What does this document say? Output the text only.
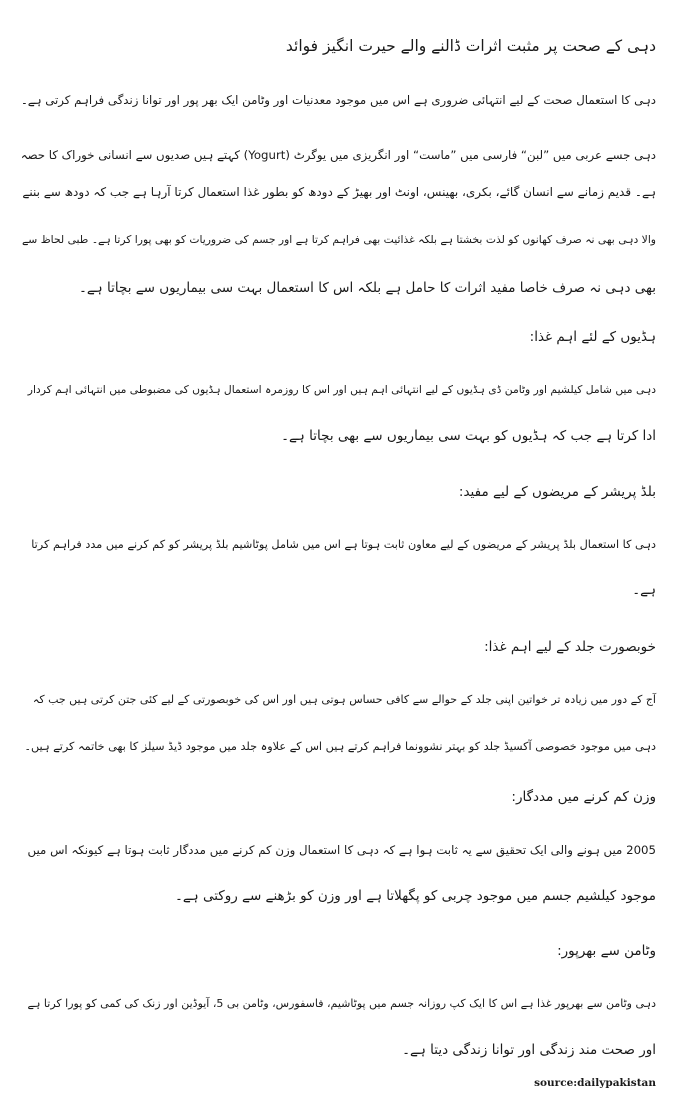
دہی کے صحت پر مثبت اثرات ڈالنے والے حیرت انگیز فوائد
دہی کا استعمال صحت کے لیے انتہائی ضروری ہے اس میں موجود معدنیات اور وٹامن ایک بھر پور اور توانا زندگی فراہم کرتی ہے۔
دہی جسے عربی میں ”لبن“ فارسی میں ”ماست“ اور انگریزی میں یوگرٹ (Yogurt) کہتے ہیں صدیوں سے انسانی خوراک کا حصہ
ہے۔ قدیم زمانے سے انسان گائے، بکری، بھینس، اونٹ اور بھیڑ کے دودھ کو بطور غذا استعمال کرتا آرہا ہے جب کہ دودھ سے بننے
والا دہی بھی نہ صرف کھانوں کو لذت بخشتا ہے بلکہ غذائیت بھی فراہم کرتا ہے اور جسم کی ضروریات کو بھی پورا کرتا ہے۔ طبی لحاظ سے
بھی دہی نہ صرف خاصا مفید اثرات کا حامل ہے بلکہ اس کا استعمال بہت سی بیماریوں سے بچاتا ہے۔
ہڈیوں کے لئے اہم غذا:
دہی میں شامل کیلشیم اور وٹامن ڈی ہڈیوں کے لیے انتہائی اہم ہیں اور اس کا روزمرہ استعمال ہڈیوں کی مضبوطی میں انتہائی اہم کردار
ادا کرتا ہے جب کہ ہڈیوں کو بہت سی بیماریوں سے بھی بچاتا ہے۔
بلڈ پریشر کے مریضوں کے لیے مفید:
دہی کا استعمال بلڈ پریشر کے مریضوں کے لیے معاون ثابت ہوتا ہے اس میں شامل پوٹاشیم بلڈ پریشر کو کم کرنے میں مدد فراہم کرتا
ہے۔
خوبصورت جلد کے لیے اہم غذا:
آج کے دور میں زیادہ تر خواتین اپنی جلد کے حوالے سے کافی حساس ہوتی ہیں اور اس کی خوبصورتی کے لیے کئی جتن کرتی ہیں جب کہ
دہی میں موجود خصوصی آکسیڈ جلد کو بہتر نشوونما فراہم کرتے ہیں اس کے علاوہ جلد میں موجود ڈیڈ سیلز کا بھی خاتمہ کرتے ہیں۔
وزن کم کرنے میں مددگار:
2005 میں ہونے والی ایک تحقیق سے یہ ثابت ہوا ہے کہ دہی کا استعمال وزن کم کرنے میں مددگار ثابت ہوتا ہے کیونکہ اس میں
موجود کیلشیم جسم میں موجود چربی کو پگھلاتا ہے اور وزن کو بڑھنے سے روکتی ہے۔
وٹامن سے بھرپور:
دہی وٹامن سے بھرپور غذا ہے اس کا ایک کپ روزانہ جسم میں پوٹاشیم، فاسفورس، وٹامن بی 5، آیوڈین اور زنک کی کمی کو پورا کرتا ہے
اور صحت مند زندگی اور توانا زندگی دیتا ہے۔
source:dailypakistan
